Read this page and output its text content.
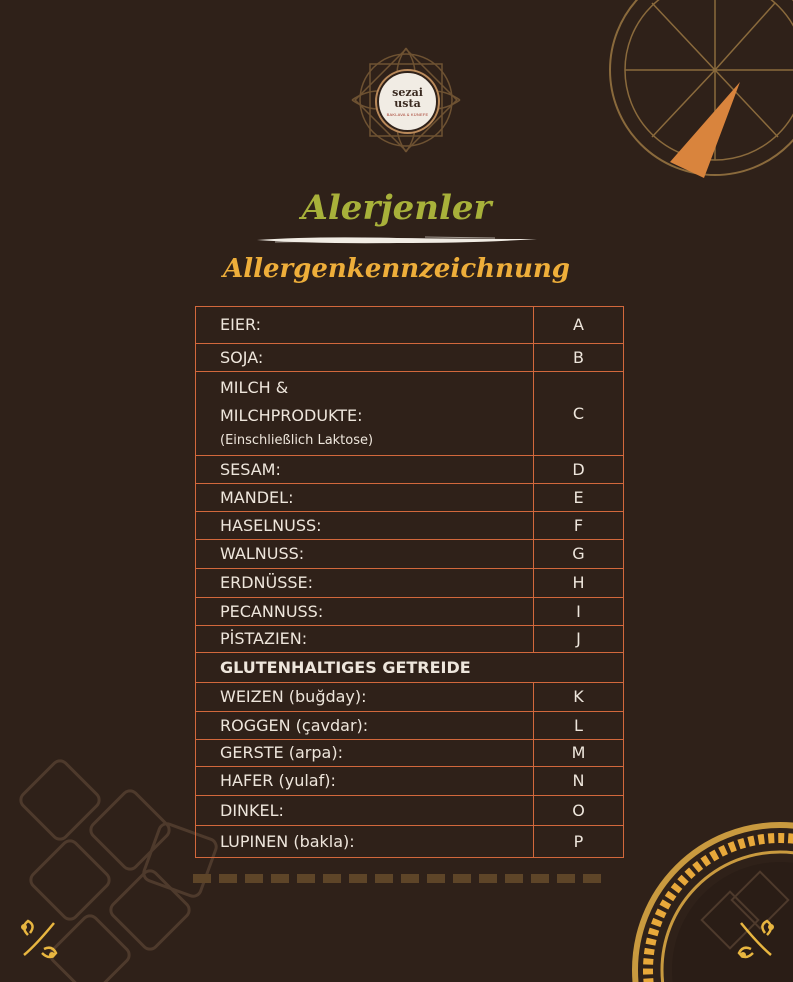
sezai
usta
BAKLAVA & KÜNEFE
Alerjenler
Allergenkennzeichnung
EIER:	A
SOJA:	B

MILCH &
MILCHPRODUKTE:
(Einschließlich Laktose)	C
SESAM:	D
MANDEL:	E
HASELNUSS:	F
WALNUSS:	G
ERDNÜSSE:	H
PECANNUSS:	I
PİSTAZIEN:	J
GLUTENHALTIGES GETREIDE	
WEIZEN (buğday):	K
ROGGEN (çavdar):	L
GERSTE (arpa):	M
HAFER (yulaf):	N
DINKEL:	O
LUPINEN (bakla):	P
